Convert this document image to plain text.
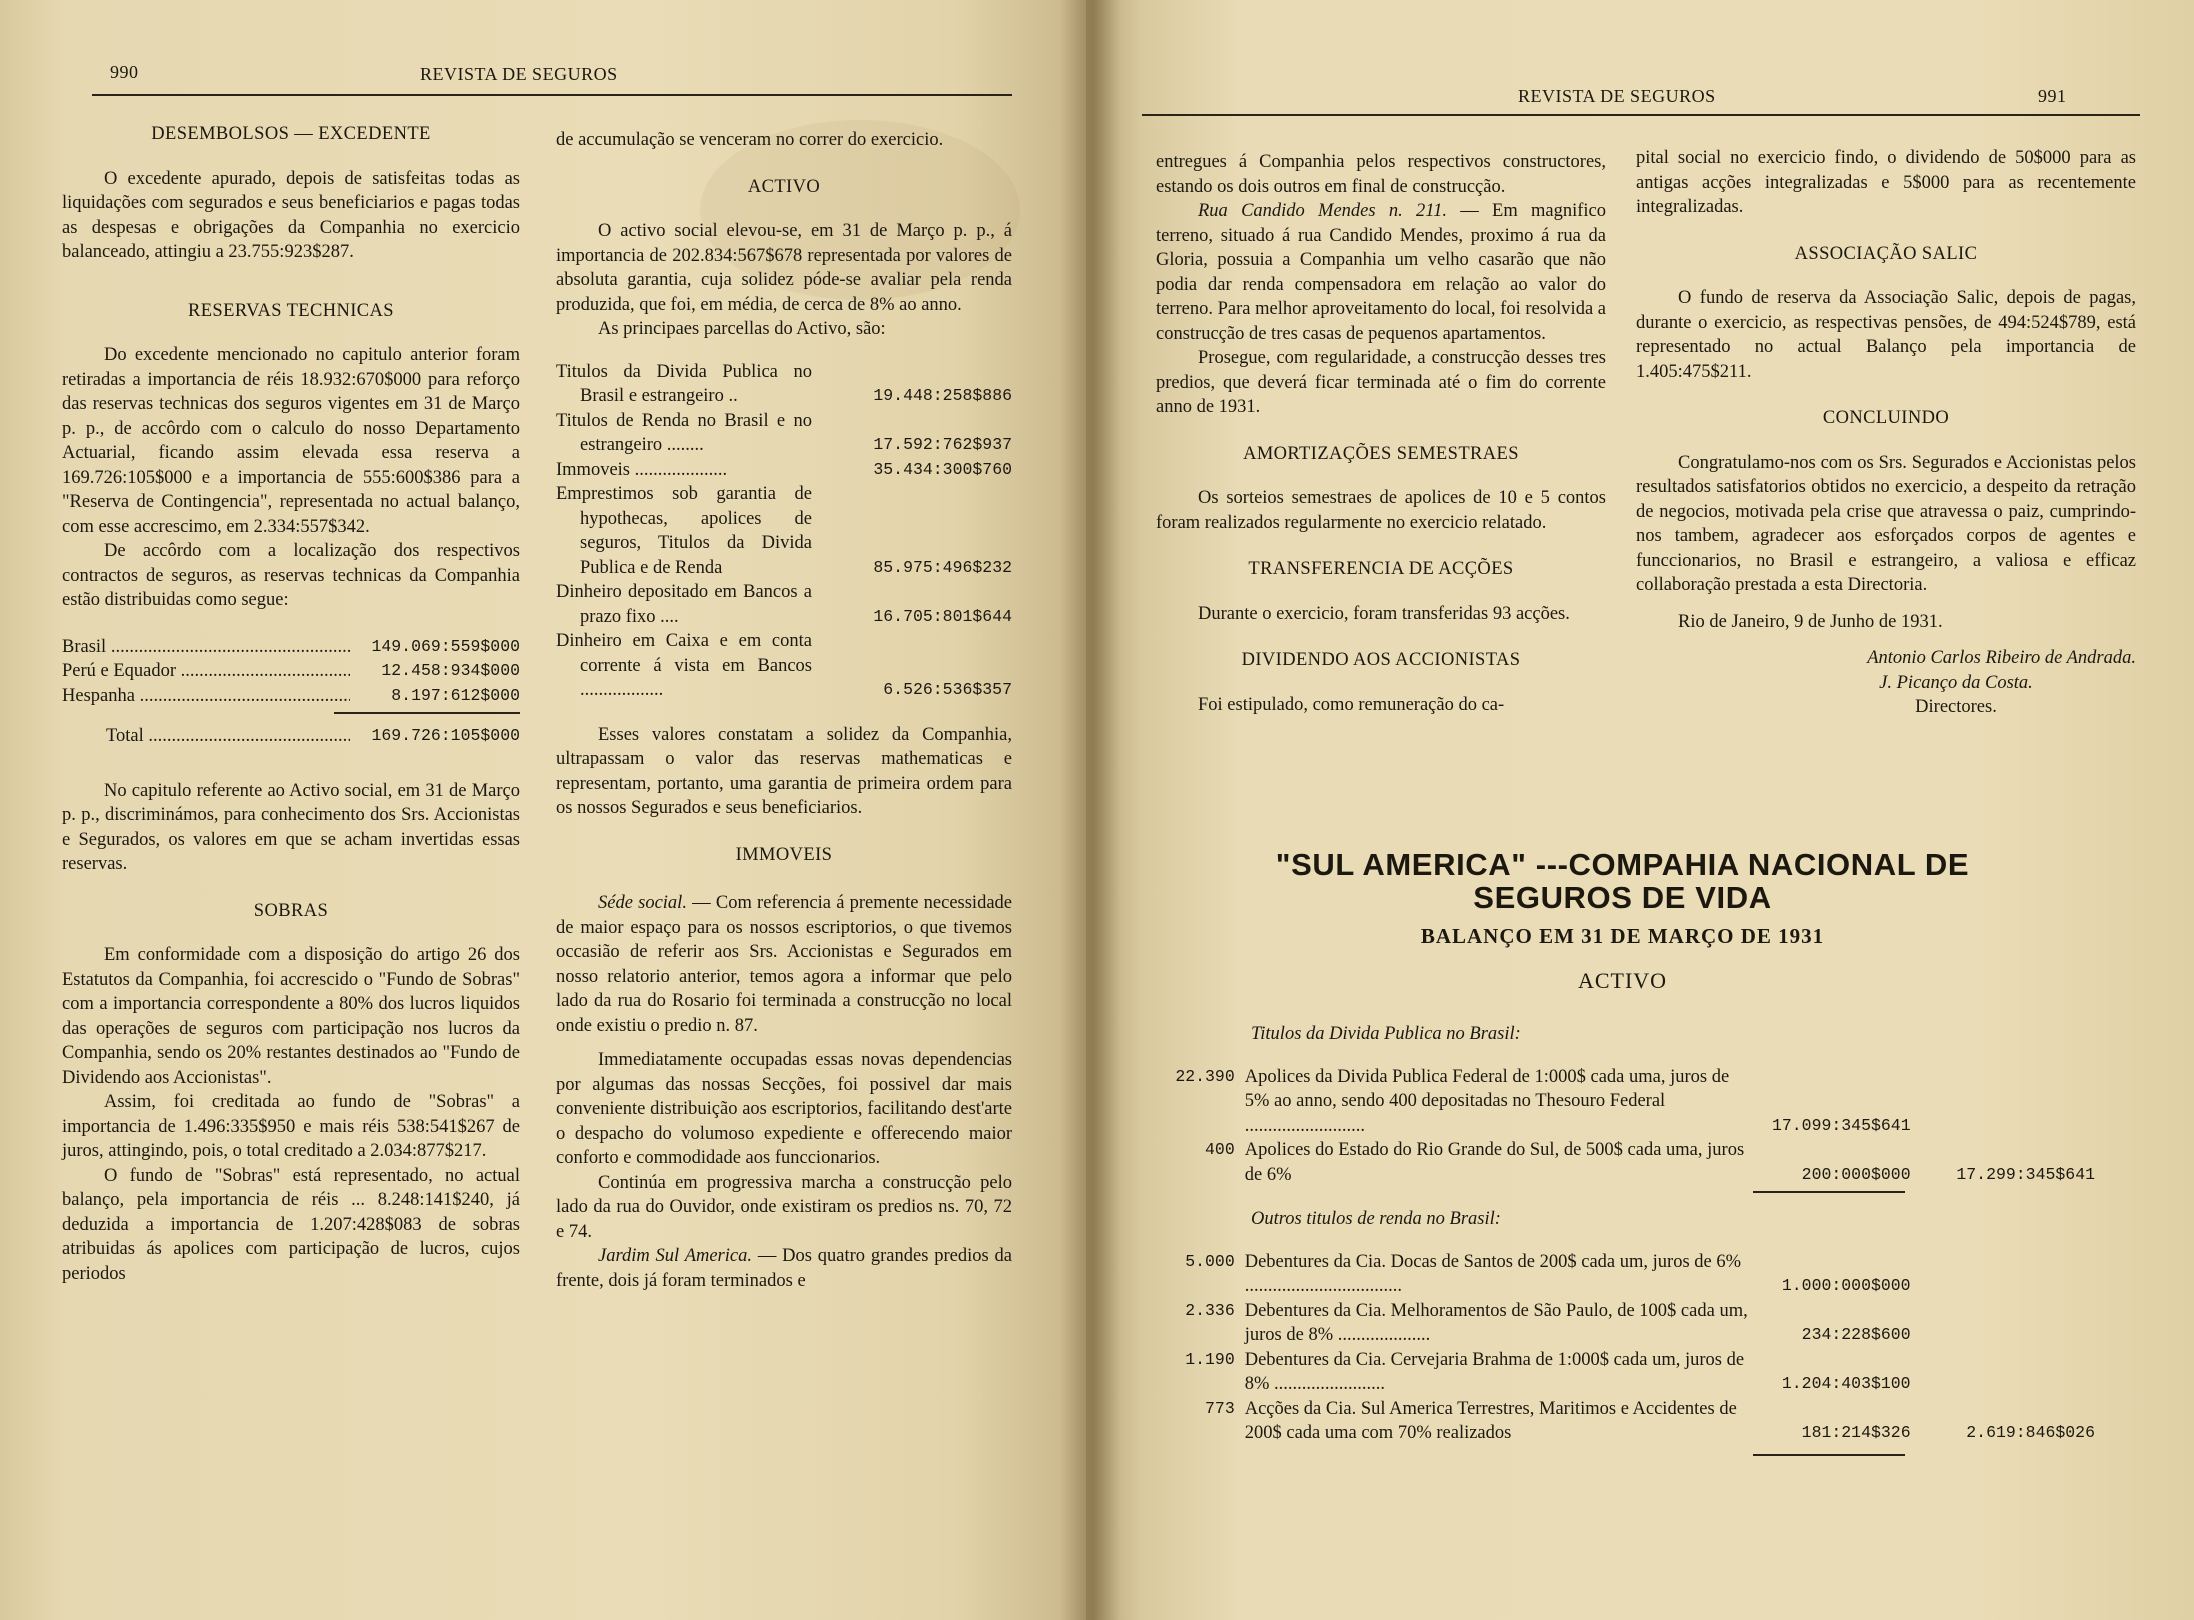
990	REVISTA DE SEGUROS
DESEMBOLSOS — EXCEDENTE

O excedente apurado, depois de satisfeitas todas as liquidações com segurados e seus beneficiarios e pagas todas as despesas e obrigações da Companhia no exercicio balanceado, attingiu a 23.755:923$287.

RESERVAS TECHNICAS

Do excedente mencionado no capitulo anterior foram retiradas a importancia de réis 18.932:670$000 para reforço das reservas technicas dos seguros vigentes em 31 de Março p. p., de accôrdo com o calculo do nosso Departamento Actuarial, ficando assim elevada essa reserva a 169.726:105$000 e a importancia de 555:600$386 para a "Reserva de Contingencia", representada no actual balanço, com esse accrescimo, em 2.334:557$342.

De accôrdo com a localização dos respectivos contractos de seguros, as reservas technicas da Companhia estão distribuidas como segue:

Brasil .....	149.069:559$000
Perú e Equador .....	12.458:934$000
Hespanha .....	8.197:612$000
Total .....	169.726:105$000

No capitulo referente ao Activo social, em 31 de Março p. p., discriminámos, para conhecimento dos Srs. Accionistas e Segurados, os valores em que se acham invertidas essas reservas.

SOBRAS

Em conformidade com a disposição do artigo 26 dos Estatutos da Companhia, foi accrescido o "Fundo de Sobras" com a importancia correspondente a 80% dos lucros liquidos das operações de seguros com participação nos lucros da Companhia, sendo os 20% restantes destinados ao "Fundo de Dividendo aos Accionistas".

Assim, foi creditada ao fundo de "Sobras" a importancia de 1.496:335$950 e mais réis 538:541$267 de juros, attingindo, pois, o total creditado a 2.034:877$217.

O fundo de "Sobras" está representado, no actual balanço, pela importancia de réis ... 8.248:141$240, já deduzida a importancia de 1.207:428$083 de sobras atribuidas ás apolices com participação de lucros, cujos periodos

de accumulação se venceram no correr do exercicio.

ACTIVO

O activo social elevou-se, em 31 de Março p. p., á importancia de 202.834:567$678 representada por valores de absoluta garantia, cuja solidez póde-se avaliar pela renda produzida, que foi, em média, de cerca de 8% ao anno.

As principaes parcellas do Activo, são:

Titulos da Divida Publica no Brasil e estrangeiro ..	19.448:258$886
Titulos de Renda no Brasil e no estrangeiro ........	17.592:762$937
Immoveis ....................	35.434:300$760
Emprestimos sob garantia de hypothecas, apolices de seguros, Titulos da Divida Publica e de Renda	85.975:496$232
Dinheiro depositado em Bancos a prazo fixo ....	16.705:801$644
Dinheiro em Caixa e em conta corrente á vista em Bancos ..................	6.526:536$357

Esses valores constatam a solidez da Companhia, ultrapassam o valor das reservas mathematicas e representam, portanto, uma garantia de primeira ordem para os nossos Segurados e seus beneficiarios.

IMMOVEIS

Séde social. — Com referencia á premente necessidade de maior espaço para os nossos escriptorios, o que tivemos occasião de referir aos Srs. Accionistas e Segurados em nosso relatorio anterior, temos agora a informar que pelo lado da rua do Rosario foi terminada a construcção no local onde existiu o predio n. 87.

Immediatamente occupadas essas novas dependencias por algumas das nossas Secções, foi possivel dar mais conveniente distribuição aos escriptorios, facilitando dest'arte o despacho do volumoso expediente e offerecendo maior conforto e commodidade aos funccionarios.

Continúa em progressiva marcha a construcção pelo lado da rua do Ouvidor, onde existiram os predios ns. 70, 72 e 74.

Jardim Sul America. — Dos quatro grandes predios da frente, dois já foram terminados e

REVISTA DE SEGUROS	991

entregues á Companhia pelos respectivos constructores, estando os dois outros em final de construcção.

Rua Candido Mendes n. 211. — Em magnifico terreno, situado á rua Candido Mendes, proximo á rua da Gloria, possuia a Companhia um velho casarão que não podia dar renda compensadora em relação ao valor do terreno. Para melhor aproveitamento do local, foi resolvida a construcção de tres casas de pequenos apartamentos.

Prosegue, com regularidade, a construcção desses tres predios, que deverá ficar terminada até o fim do corrente anno de 1931.

AMORTIZAÇÕES SEMESTRAES

Os sorteios semestraes de apolices de 10 e 5 contos foram realizados regularmente no exercicio relatado.

TRANSFERENCIA DE ACÇÕES

Durante o exercicio, foram transferidas 93 acções.

DIVIDENDO AOS ACCIONISTAS

Foi estipulado, como remuneração do ca-

pital social no exercicio findo, o dividendo de 50$000 para as antigas acções integralizadas e 5$000 para as recentemente integralizadas.

ASSOCIAÇÃO SALIC

O fundo de reserva da Associação Salic, depois de pagas, durante o exercicio, as respectivas pensões, de 494:524$789, está representado no actual Balanço pela importancia de 1.405:475$211.

CONCLUINDO

Congratulamo-nos com os Srs. Segurados e Accionistas pelos resultados satisfatorios obtidos no exercicio, a despeito da retração de negocios, motivada pela crise que atravessa o paiz, cumprindo-nos tambem, agradecer aos esforçados corpos de agentes e funccionarios, no Brasil e estrangeiro, a valiosa e efficaz collaboração prestada a esta Directoria.

Rio de Janeiro, 9 de Junho de 1931.

Antonio Carlos Ribeiro de Andrada.
J. Picanço da Costa.
Directores.
"SUL AMERICA" ---COMPAHIA NACIONAL DE
SEGUROS DE VIDA
BALANÇO EM 31 DE MARÇO DE 1931
ACTIVO
Titulos da Divida Publica no Brasil:
22.390 Apolices da Divida Publica Federal de 1:000$ cada uma, juros de 5% ao anno, sendo 400 depositadas no Thesouro Federal ..........................	17.099:345$641
400 Apolices do Estado do Rio Grande do Sul, de 500$ cada uma, juros de 6%	200:000$000	17.299:345$641
Outros titulos de renda no Brasil:
5.000 Debentures da Cia. Docas de Santos de 200$ cada um, juros de 6% ..................................	1.000:000$000
2.336 Debentures da Cia. Melhoramentos de São Paulo, de 100$ cada um, juros de 8% ....................	234:228$600
1.190 Debentures da Cia. Cervejaria Brahma de 1:000$ cada um, juros de 8% ........................	1.204:403$100
773 Acções da Cia. Sul America Terrestres, Maritimos e Accidentes de 200$ cada uma com 70% realizados	181:214$326	2.619:846$026
